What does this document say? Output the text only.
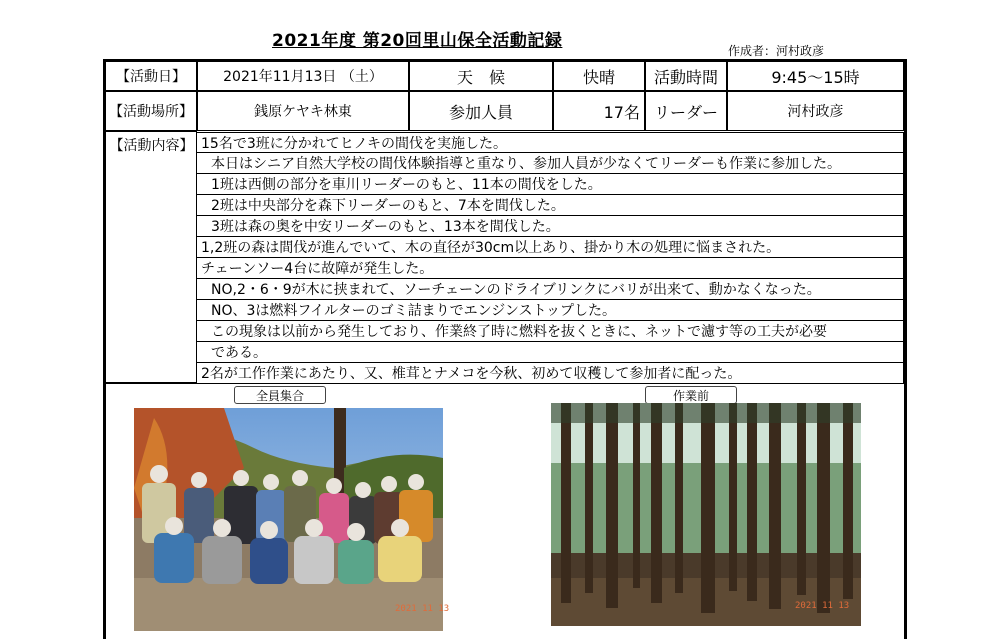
2021年度 第20回里山保全活動記録	作成者：河村政彦
【活動日】	2021年11月13日 （土）	天　候	快晴	活動時間	9:45〜15時
【活動場所】	銭原ケヤキ林東	参加人員	17名 リーダー	河村政彦
【活動内容】 15名で3班に分かれてヒノキの間伐を実施した。
本日はシニア自然大学校の間伐体験指導と重なり、参加人員が少なくてリーダーも作業に参加した。
1班は西側の部分を車川リーダーのもと、11本の間伐をした。
2班は中央部分を森下リーダーのもと、7本を間伐した。
3班は森の奥を中安リーダーのもと、13本を間伐した。
1,2班の森は間伐が進んでいて、木の直径が30cm以上あり、掛かり木の処理に悩まされた。
チェーンソー4台に故障が発生した。
NO,2・6・9が木に挟まれて、ソーチェーンのドライブリンクにバリが出来て、動かなくなった。
NO、3は燃料フイルターのゴミ詰まりでエンジンストップした。
この現象は以前から発生しており、作業終了時に燃料を抜くときに、ネットで濾す等の工夫が必要
である。
2名が工作作業にあたり、又、椎茸とナメコを今秋、初めて収穫して参加者に配った。
全員集合	作業前
2021 11 13	2021 11 13
